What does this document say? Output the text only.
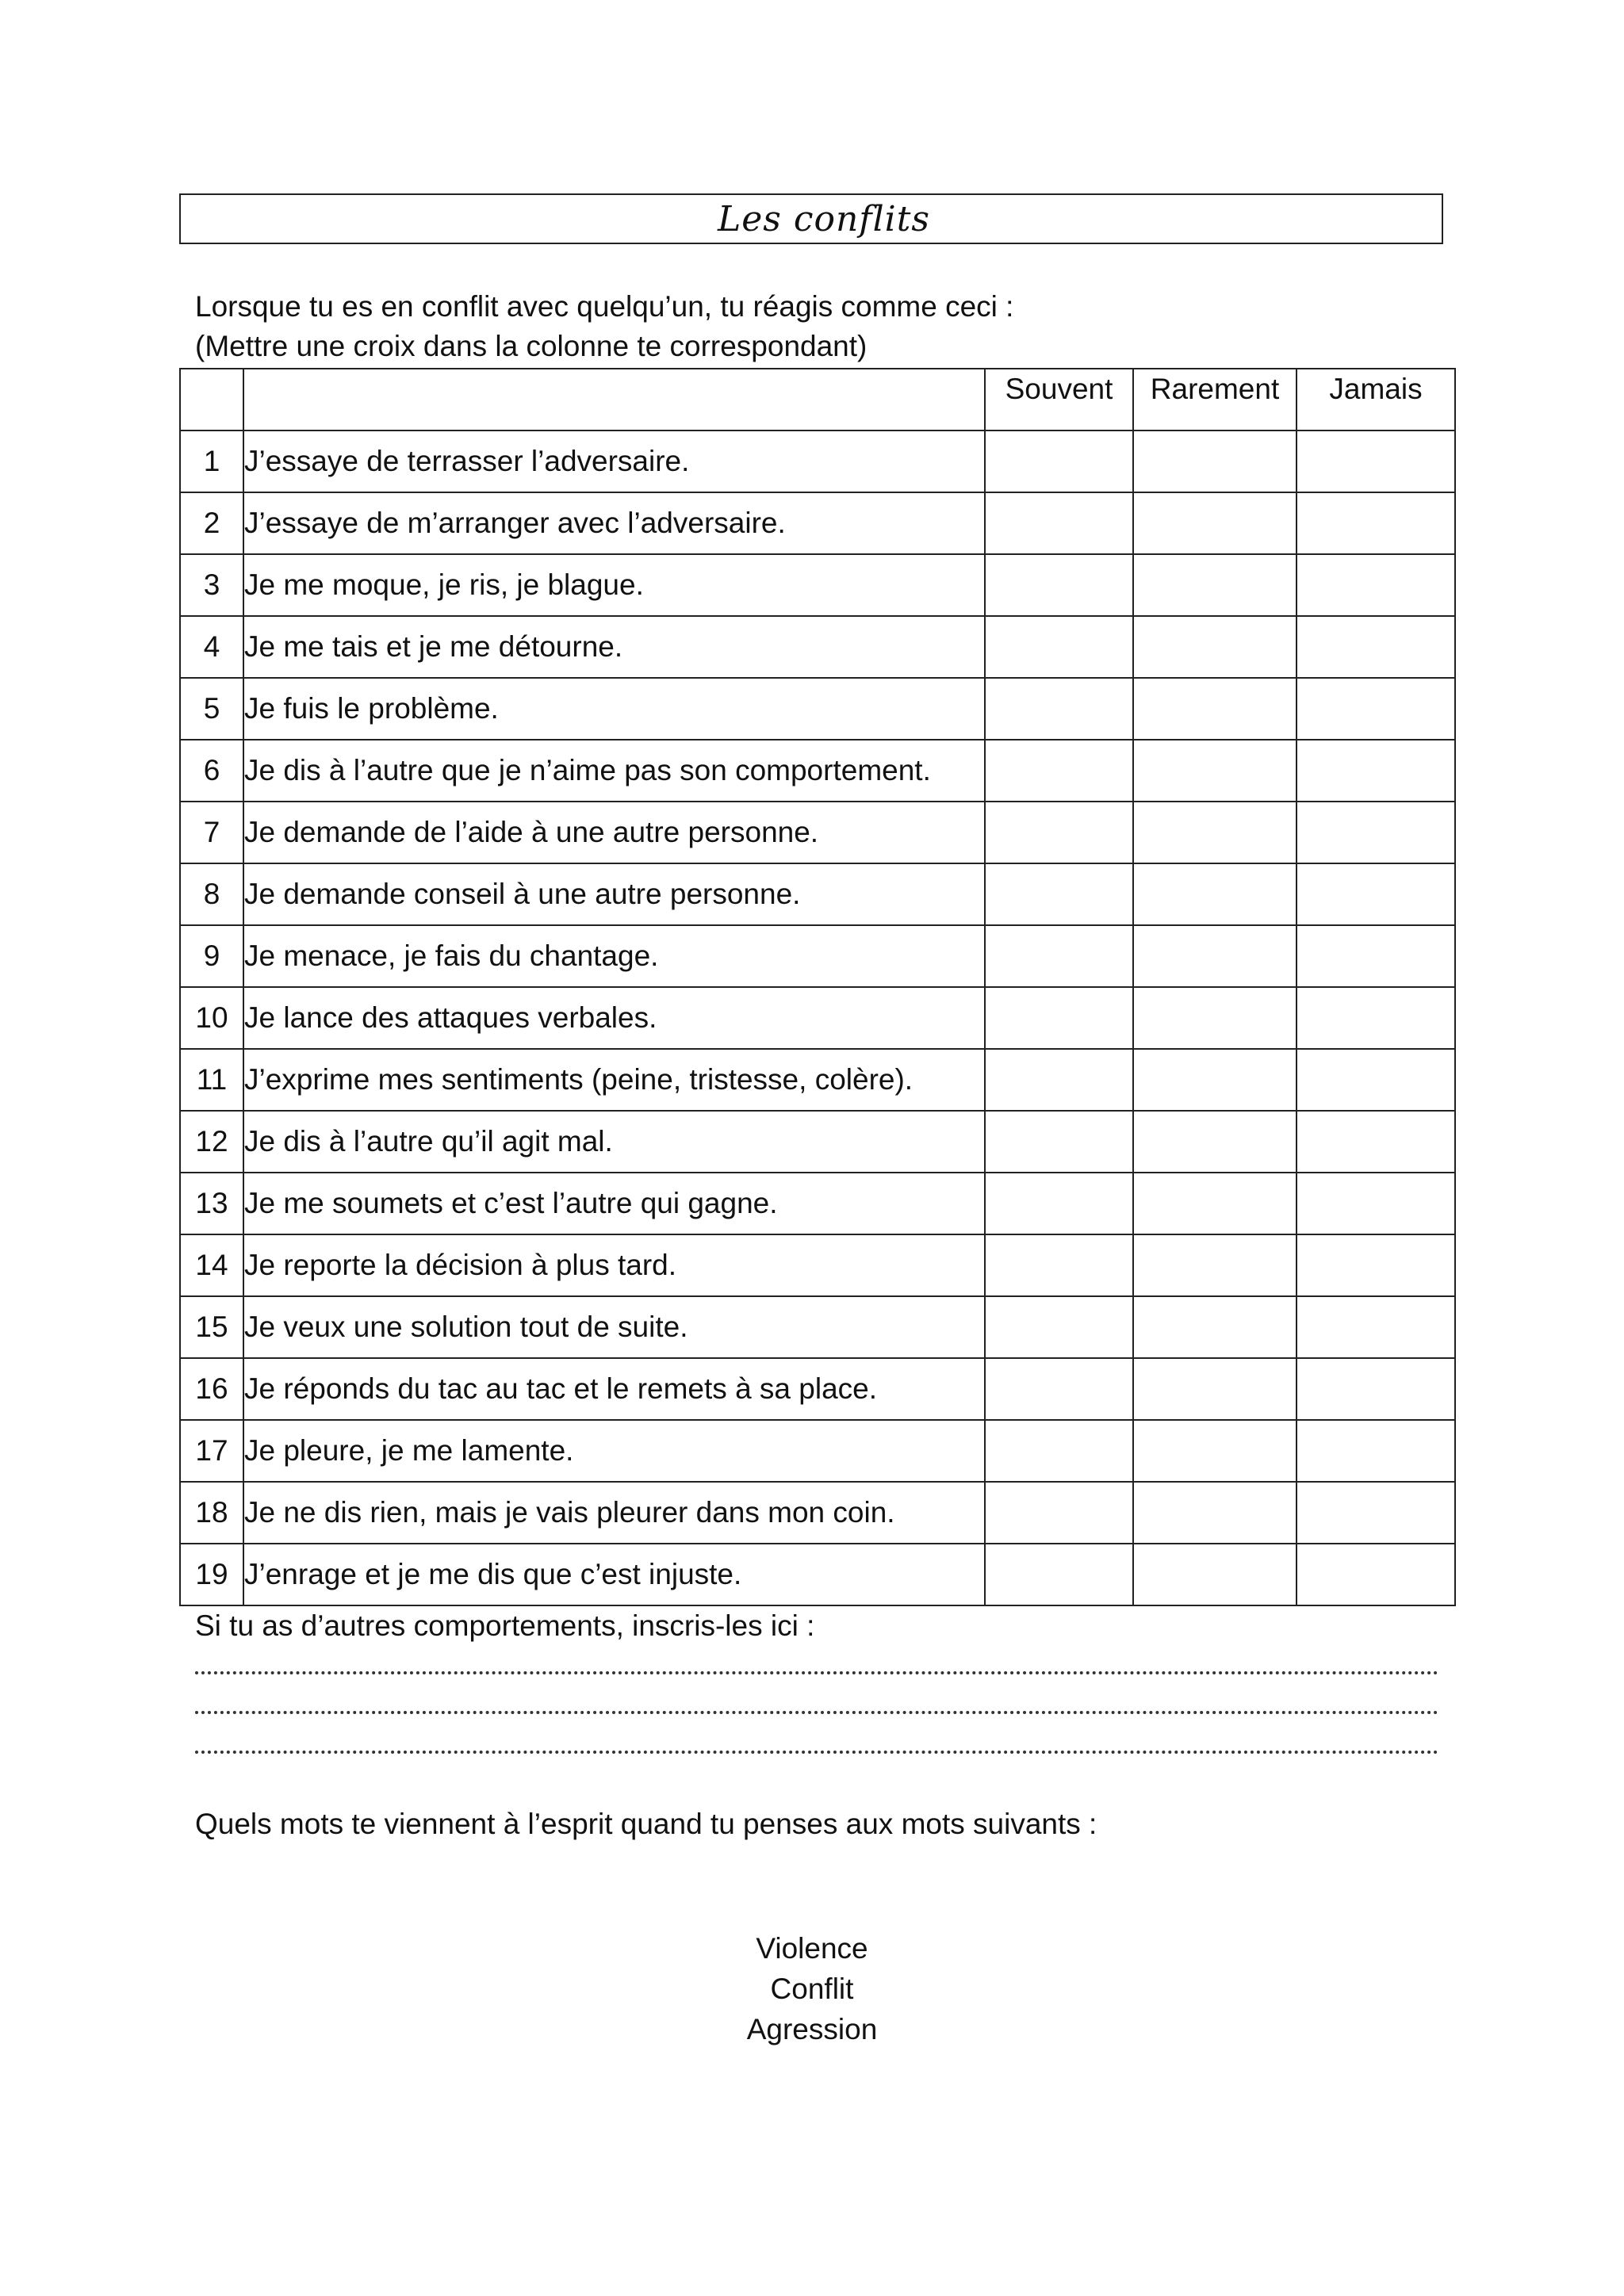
Les conflits
Lorsque tu es en conflit avec quelqu’un, tu réagis comme ceci :
(Mettre une croix dans la colonne te correspondant)
		Souvent	Rarement	Jamais
1	J’essaye de terrasser l’adversaire.			
2	J’essaye de m’arranger avec l’adversaire.			
3	Je me moque, je ris, je blague.			
4	Je me tais et je me détourne.			
5	Je fuis le problème.			
6	Je dis à l’autre que je n’aime pas son comportement.			
7	Je demande de l’aide à une autre personne.			
8	Je demande conseil à une autre personne.			
9	Je menace, je fais du chantage.			
10	Je lance des attaques verbales.			
11	J’exprime mes sentiments (peine, tristesse, colère).			
12	Je dis à l’autre qu’il agit mal.			
13	Je me soumets et c’est l’autre qui gagne.			
14	Je reporte la décision à plus tard.			
15	Je veux une solution tout de suite.			
16	Je réponds du tac au tac et le remets à sa place.			
17	Je pleure, je me lamente.			
18	Je ne dis rien, mais je vais pleurer dans mon coin.			
19	J’enrage et je me dis que c’est injuste.			
Si tu as d’autres comportements, inscris-les ici :
Quels mots te viennent à l’esprit quand tu penses aux mots suivants :
Violence
Conflit
Agression
